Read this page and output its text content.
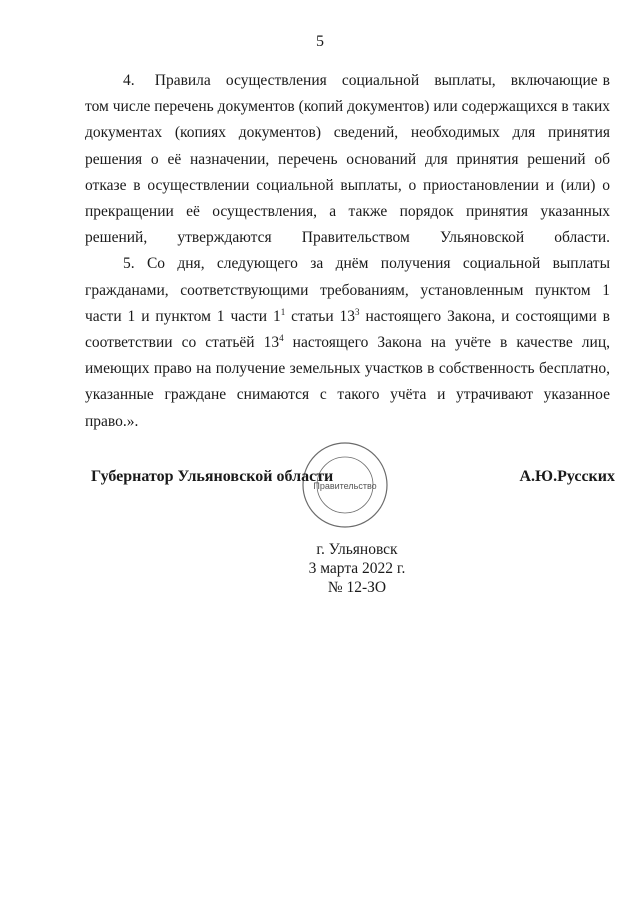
5

4.    Правила   осуществления   социальной   выплаты,   включающие в том числе перечень документов (копий документов) или содержащихся в таких документах (копиях документов) сведений, необходимых для принятия решения о её назначении, перечень оснований для принятия решений об отказе в осуществлении социальной выплаты, о приостановлении и (или) о прекращении её осуществления, а также порядок принятия указанных решений, утверждаются Правительством Ульяновской области.

5. Со дня, следующего за днём получения социальной выплаты гражданами, соответствующими требованиям, установленным пунктом 1 части 1 и пунктом 1 части $1^1$ статьи $13^3$ настоящего Закона, и состоящими в соответствии со статьёй $13^4$ настоящего Закона на учёте в качестве лиц, имеющих право на получение земельных участков в собственность бесплатно, указанные граждане снимаются с такого учёта и утрачивают указанное право.».

Правительство
Губернатор Ульяновской области	А.Ю.Русских
г. Ульяновск
3 марта 2022 г.
№ 12-ЗО
